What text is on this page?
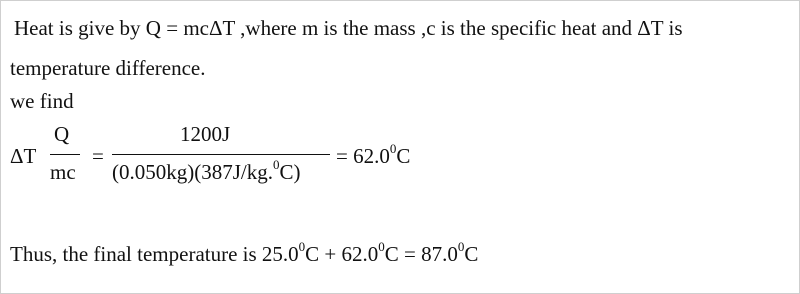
Heat is give by Q = mcΔT ,where m is the mass ,c is the specific heat and ΔT is
temperature difference.
we find
ΔT
Q
mc
=
1200J
(0.050kg)(387J/kg.$^0$C)
= $62.0^0C$
Thus, the final temperature is $25.0^0C + 62.0^0C = 87.0^0C$
